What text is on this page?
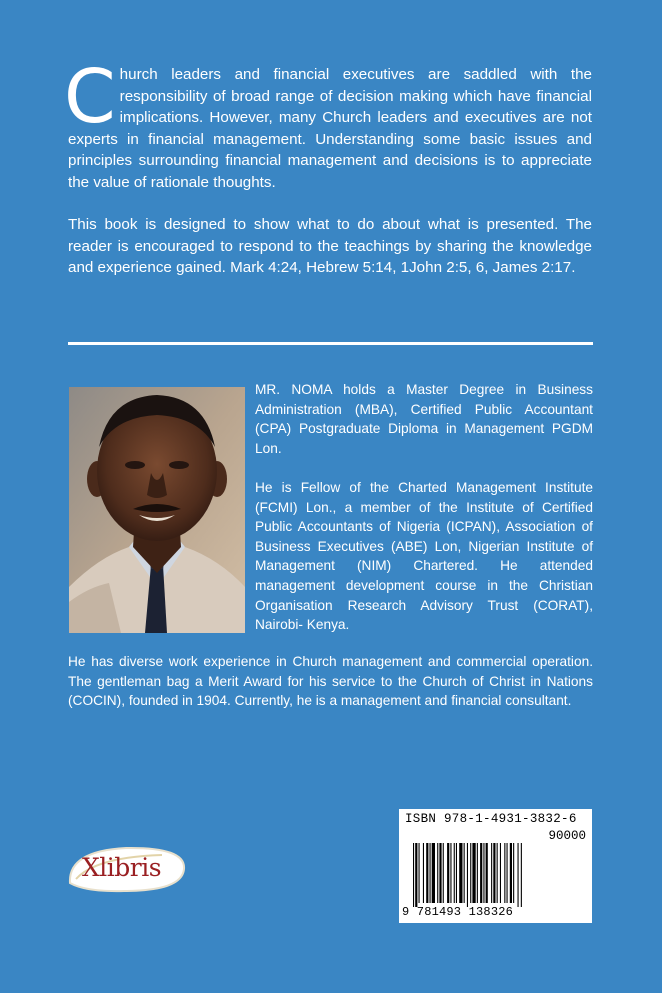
Church leaders and financial executives are saddled with the responsibility of broad range of decision making which have financial implications. However, many Church leaders and executives are not experts in financial management. Understanding some basic issues and principles surrounding financial management and decisions is to appreciate the value of rationale thoughts.

This book is designed to show what to do about what is presented. The reader is encouraged to respond to the teachings by sharing the knowledge and experience gained. Mark 4:24, Hebrew 5:14, 1John 2:5, 6, James 2:17.

MR. NOMA holds a Master Degree in Business Administration (MBA), Certified Public Accountant (CPA) Postgraduate Diploma in Management PGDM Lon.

He is Fellow of the Charted Management Institute (FCMI) Lon., a member of the Institute of Certified Public Accountants of Nigeria (ICPAN), Association of Business Executives (ABE) Lon, Nigerian Institute of Management (NIM) Chartered. He attended management development course in the Christian Organisation Research Advisory Trust (CORAT), Nairobi- Kenya.

He has diverse work experience in Church management and commercial operation. The gentleman bag a Merit Award for his service to the Church of Christ in Nations (COCIN), founded in 1904. Currently, he is a management and financial consultant.

Xlibris
ISBN 978-1-4931-3832-6
90000
9 781493 138326
